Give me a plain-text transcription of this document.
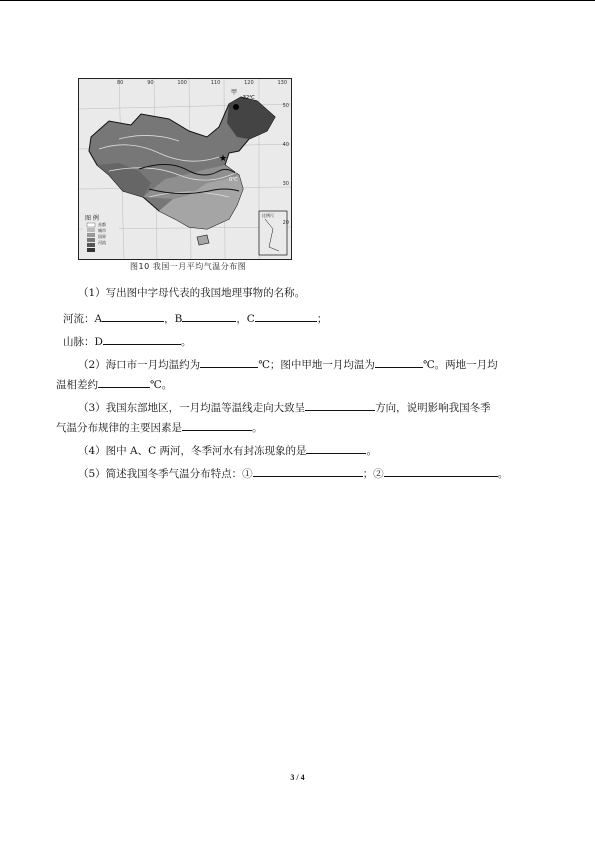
★
80	90	100	110	120	130
50
40
30
20
甲
-32℃
0℃
图 例
首都
城市
国界
河流
比例尺
图10 我国一月平均气温分布图
（1）写出图中字母代表的我国地理事物的名称。
河流：A	，B	，C	；
山脉：D	。
（2）海口市一月均温约为	℃；图中甲地一月均温为	℃。两地一月均
温相差约	℃。
（3）我国东部地区，一月均温等温线走向大致呈	方向，说明影响我国冬季
气温分布规律的主要因素是	。
（4）图中 A、C 两河，冬季河水有封冻现象的是	。
（5）简述我国冬季气温分布特点：①	；②	。
3 / 4
